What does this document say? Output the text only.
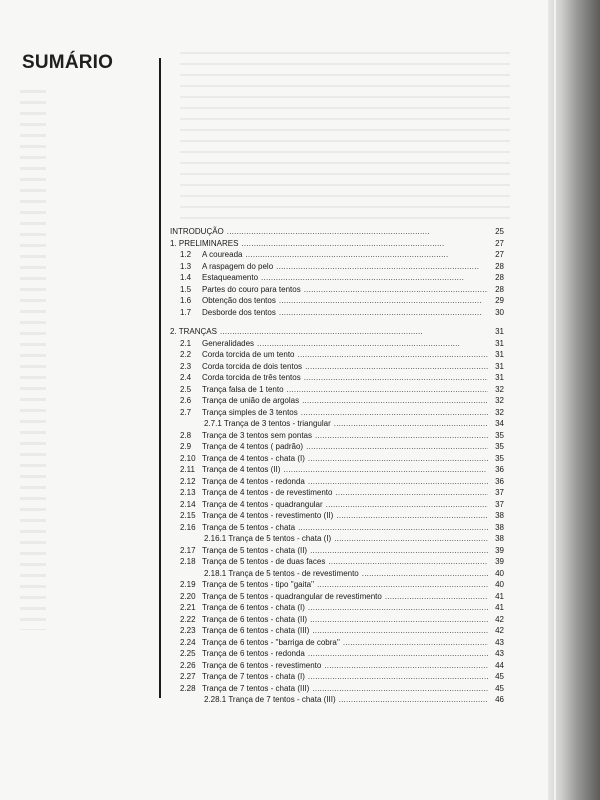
SUMÁRIO
INTRODUÇÃO . . .	25
1. PRELIMINARES . . .	27
1.2	A coureada . . .	27
1.3	A raspagem do pelo . . .	28
1.4	Estaqueamento . . .	28
1.5	Partes do couro para tentos . . .	28
1.6	Obtenção dos tentos . . .	29
1.7	Desborde dos tentos . . .	30
2. TRANÇAS . . .	31
2.1	Generalidades . . .	31
2.2	Corda torcida de um tento . . .	31
2.3	Corda torcida de dois tentos . . .	31
2.4	Corda torcida de três tentos . . .	31
2.5	Trança falsa de 1 tento . . .	32
2.6	Trança de união de argolas . . .	32
2.7	Trança simples de 3 tentos . . .	32
2.7.1 Trança de 3 tentos - triangular . . .	34
2.8	Trança de 3 tentos sem pontas . . .	35
2.9	Trança de 4 tentos ( padrão) . . .	35
2.10 Trança de 4 tentos - chata (I) . . .	35
2.11 Trança de 4 tentos (II) . . .	36
2.12 Trança de 4 tentos - redonda . . .	36
2.13 Trança de 4 tentos - de revestimento . . .	37
2.14 Trança de 4 tentos - quadrangular . . .	37
2.15 Trança de 4 tentos - revestimento (II) . . .	38
2.16 Trança de 5 tentos - chata . . .	38
2.16.1 Trança de 5 tentos - chata (I) . . .	38
2.17 Trança de 5 tentos - chata (II) . . .	39
2.18 Trança de 5 tentos - de duas faces . . .	39
2.18.1 Trança de 5 tentos - de revestimento . . .	40
2.19 Trança de 5 tentos - tipo ''gaita'' . . .	40
2.20 Trança de 5 tentos - quadrangular de revestimento . . .	41
2.21 Trança de 6 tentos - chata (I) . . .	41
2.22 Trança de 6 tentos - chata (II) . . .	42
2.23 Trança de 6 tentos - chata (III) . . .	42
2.24 Trança de 6 tentos - ''barriga de cobra'' . . .	43
2.25 Trança de 6 tentos - redonda . . .	43
2.26 Trança de 6 tentos - revestimento . . .	44
2.27 Trança de 7 tentos - chata (I) . . .	45
2.28 Trança de 7 tentos - chata (III) . . .	45
2.28.1 Trança de 7 tentos - chata (III) . . .	46
